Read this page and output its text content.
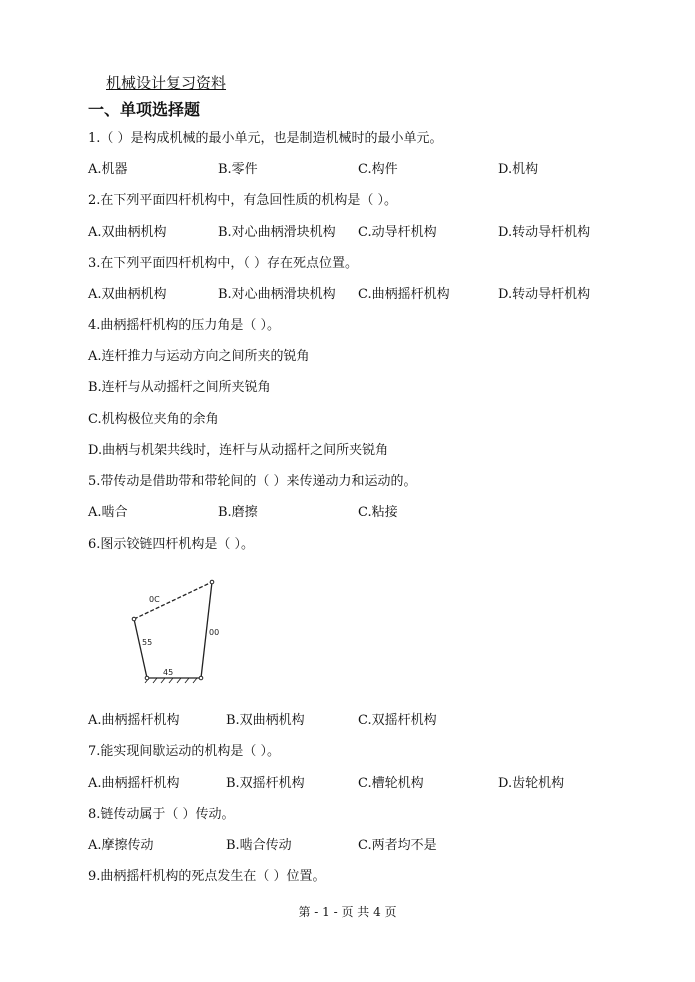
机械设计复习资料
一、单项选择题
1.（ ）是构成机械的最小单元，也是制造机械时的最小单元。
A.机器	B.零件	C.构件	D.机构
2.在下列平面四杆机构中，有急回性质的机构是（ ）。
A.双曲柄机构	B.对心曲柄滑块机构 C.动导杆机构	D.转动导杆机构
3.在下列平面四杆机构中，（ ）存在死点位置。
A.双曲柄机构	B.对心曲柄滑块机构 C.曲柄摇杆机构	D.转动导杆机构
4.曲柄摇杆机构的压力角是（ ）。
A.连杆推力与运动方向之间所夹的锐角
B.连杆与从动摇杆之间所夹锐角
C.机构极位夹角的余角
D.曲柄与机架共线时，连杆与从动摇杆之间所夹锐角
5.带传动是借助带和带轮间的（ ）来传递动力和运动的。
A.啮合	B.磨擦	C.粘接
6.图示铰链四杆机构是（ ）。
0C
00
55
45
A.曲柄摇杆机构	B.双曲柄机构	C.双摇杆机构
7.能实现间歇运动的机构是（ ）。
A.曲柄摇杆机构	B.双摇杆机构	C.槽轮机构	D.齿轮机构
8.链传动属于（ ）传动。
A.摩擦传动	B.啮合传动	C.两者均不是
9.曲柄摇杆机构的死点发生在（ ）位置。
第 - 1 - 页 共 4 页
